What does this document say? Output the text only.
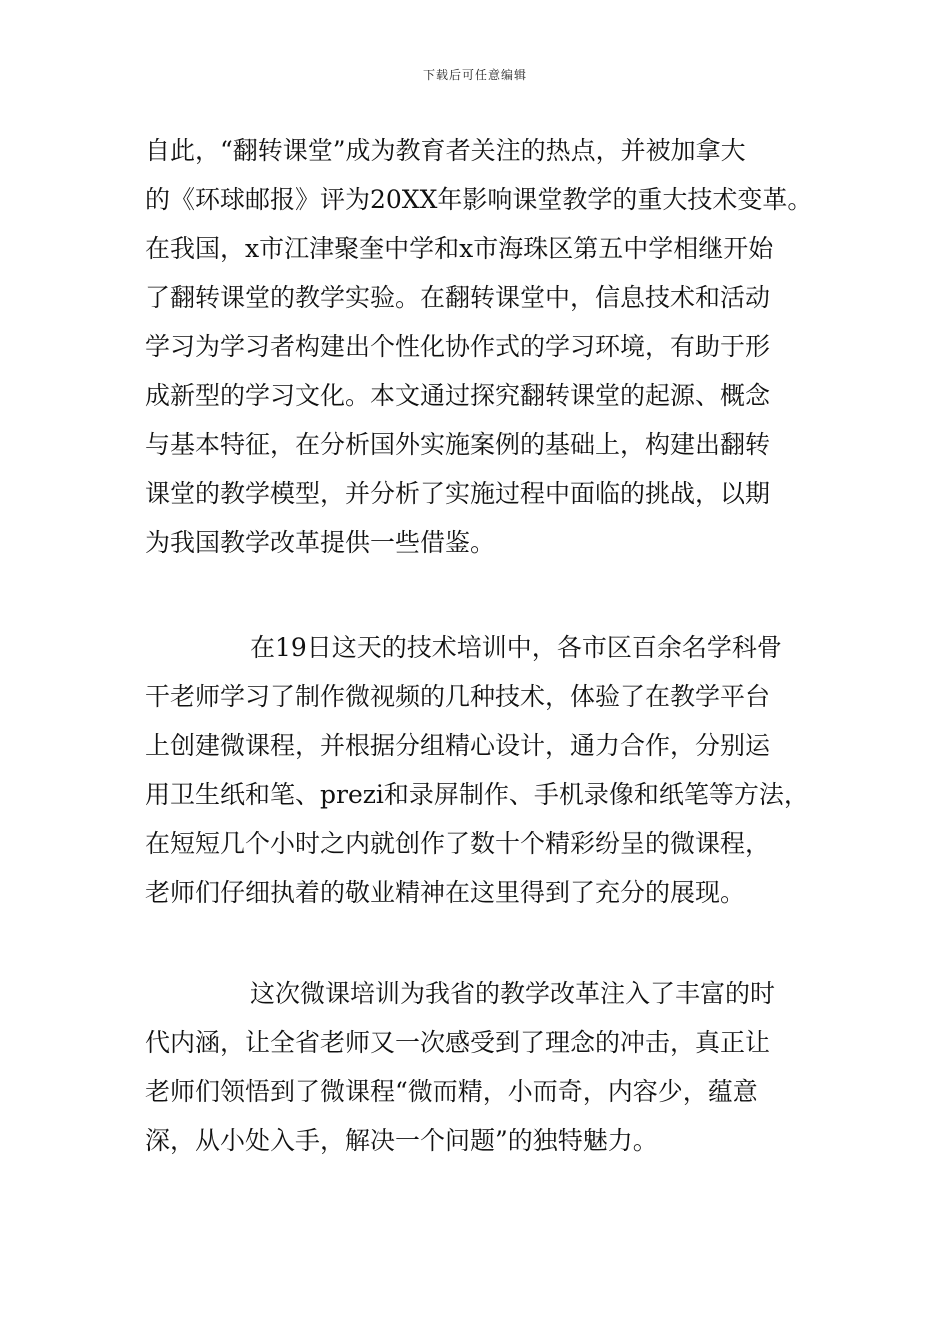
下载后可任意编辑
自此，“翻转课堂”成为教育者关注的热点，并被加拿大
的《环球邮报》评为20XX年影响课堂教学的重大技术变革。
在我国，x市江津聚奎中学和x市海珠区第五中学相继开始
了翻转课堂的教学实验。在翻转课堂中，信息技术和活动
学习为学习者构建出个性化协作式的学习环境，有助于形
成新型的学习文化。本文通过探究翻转课堂的起源、概念
与基本特征，在分析国外实施案例的基础上，构建出翻转
课堂的教学模型，并分析了实施过程中面临的挑战，以期
为我国教学改革提供一些借鉴。
在19日这天的技术培训中，各市区百余名学科骨
干老师学习了制作微视频的几种技术，体验了在教学平台
上创建微课程，并根据分组精心设计，通力合作，分别运
用卫生纸和笔、prezi和录屏制作、手机录像和纸笔等方法，
在短短几个小时之内就创作了数十个精彩纷呈的微课程，
老师们仔细执着的敬业精神在这里得到了充分的展现。
这次微课培训为我省的教学改革注入了丰富的时
代内涵，让全省老师又一次感受到了理念的冲击，真正让
老师们领悟到了微课程“微而精，小而奇，内容少，蕴意
深，从小处入手，解决一个问题”的独特魅力。
